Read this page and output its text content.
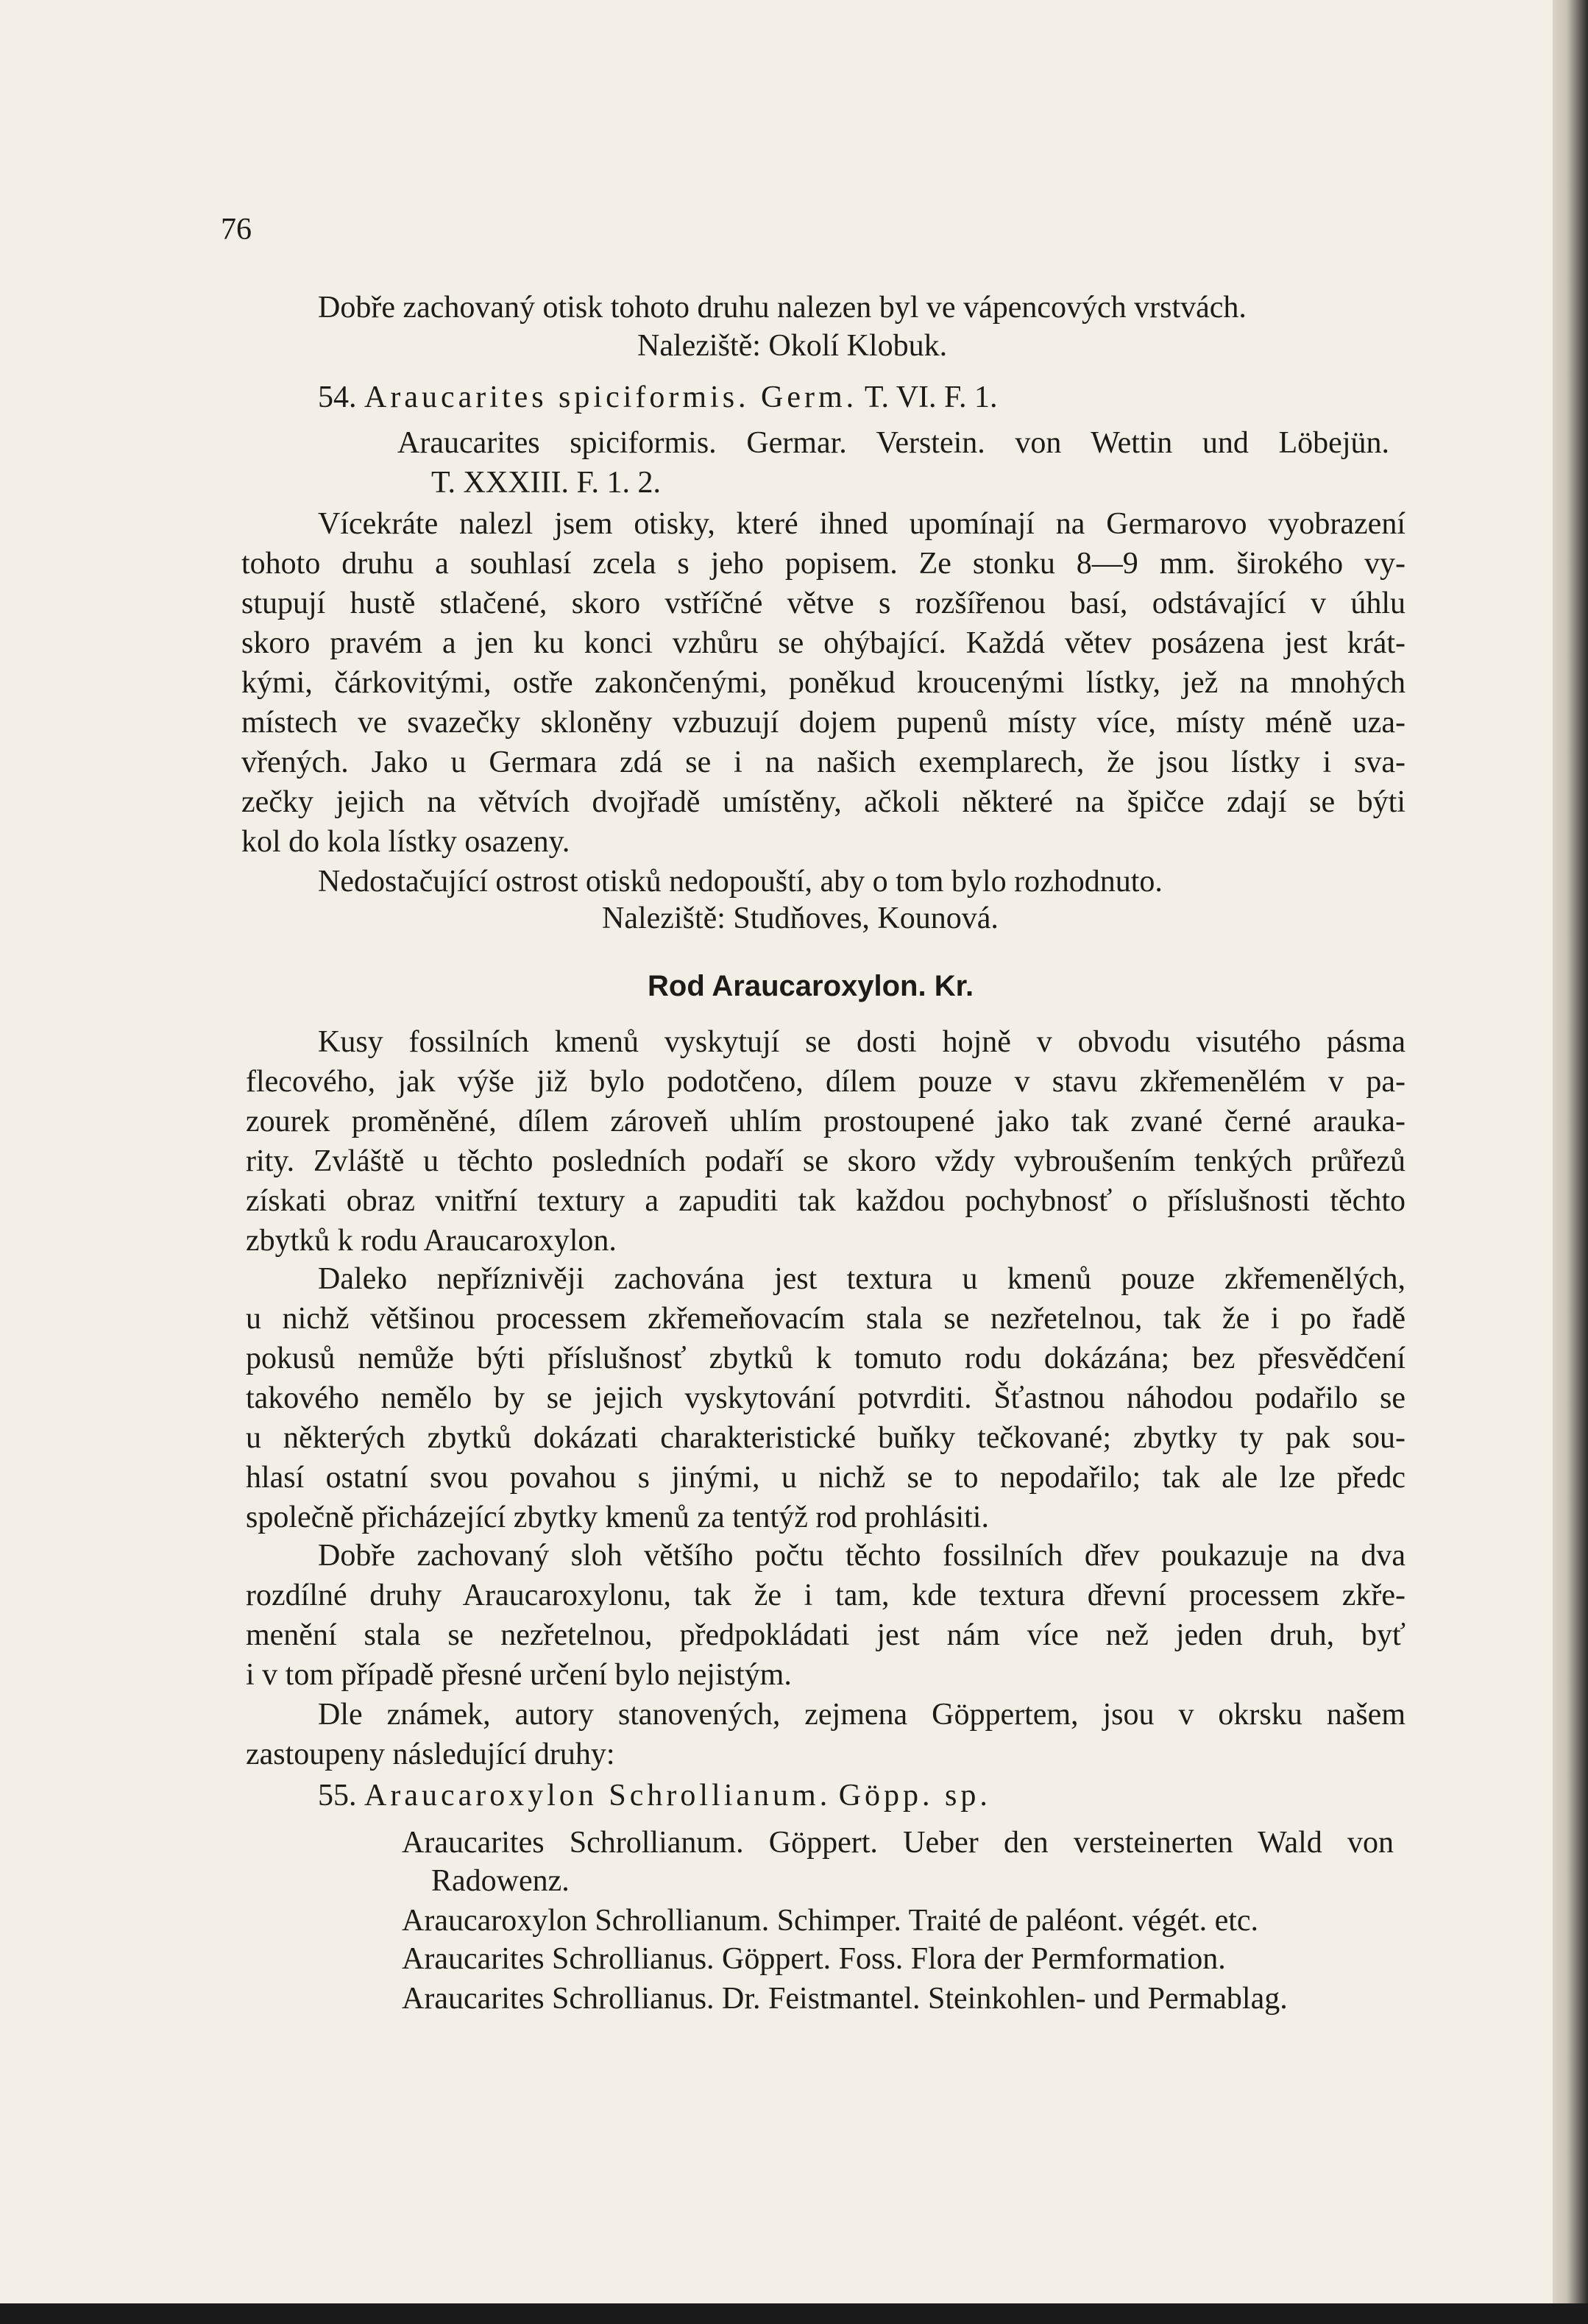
76
Dobře zachovaný otisk tohoto druhu nalezen byl ve vápencových vrstvách.
Naleziště: Okolí Klobuk.
54. Araucarites spiciformis. Germ. T. VI. F. 1.
Araucarites spiciformis. Germar. Verstein. von Wettin und Löbejün.
T. XXXIII. F. 1. 2.
Vícekráte nalezl jsem otisky, které ihned upomínají na Germarovo vyobrazení
tohoto druhu a souhlasí zcela s jeho popisem. Ze stonku 8—9 mm. širokého vy-
stupují hustě stlačené, skoro vstříčné větve s rozšířenou basí, odstávající v úhlu
skoro pravém a jen ku konci vzhůru se ohýbající. Každá větev posázena jest krát-
kými, čárkovitými, ostře zakončenými, poněkud kroucenými lístky, jež na mnohých
místech ve svazečky skloněny vzbuzují dojem pupenů místy více, místy méně uza-
vřených. Jako u Germara zdá se i na našich exemplarech, že jsou lístky i sva-
zečky jejich na větvích dvojřadě umístěny, ačkoli některé na špičce zdají se býti
kol do kola lístky osazeny.
Nedostačující ostrost otisků nedopouští, aby o tom bylo rozhodnuto.
Naleziště: Studňoves, Kounová.
Rod Araucaroxylon. Kr.
Kusy fossilních kmenů vyskytují se dosti hojně v obvodu visutého pásma
flecového, jak výše již bylo podotčeno, dílem pouze v stavu zkřemenělém v pa-
zourek proměněné, dílem zároveň uhlím prostoupené jako tak zvané černé arauka-
rity. Zvláště u těchto posledních podaří se skoro vždy vybroušením tenkých průřezů
získati obraz vnitřní textury a zapuditi tak každou pochybnosť o příslušnosti těchto
zbytků k rodu Araucaroxylon.
Daleko nepříznivěji zachována jest textura u kmenů pouze zkřemenělých,
u nichž většinou processem zkřemeňovacím stala se nezřetelnou, tak že i po řadě
pokusů nemůže býti příslušnosť zbytků k tomuto rodu dokázána; bez přesvědčení
takového nemělo by se jejich vyskytování potvrditi. Šťastnou náhodou podařilo se
u některých zbytků dokázati charakteristické buňky tečkované; zbytky ty pak sou-
hlasí ostatní svou povahou s jinými, u nichž se to nepodařilo; tak ale lze předc
společně přicházející zbytky kmenů za tentýž rod prohlásiti.
Dobře zachovaný sloh většího počtu těchto fossilních dřev poukazuje na dva
rozdílné druhy Araucaroxylonu, tak že i tam, kde textura dřevní processem zkře-
menění stala se nezřetelnou, předpokládati jest nám více než jeden druh, byť
i v tom případě přesné určení bylo nejistým.
Dle známek, autory stanovených, zejmena Göppertem, jsou v okrsku našem
zastoupeny následující druhy:
55. Araucaroxylon Schrollianum. Göpp. sp.
Araucarites Schrollianum. Göppert. Ueber den versteinerten Wald von
Radowenz.
Araucaroxylon Schrollianum. Schimper. Traité de paléont. végét. etc.
Araucarites Schrollianus. Göppert. Foss. Flora der Permformation.
Araucarites Schrollianus. Dr. Feistmantel. Steinkohlen- und Permablag.
